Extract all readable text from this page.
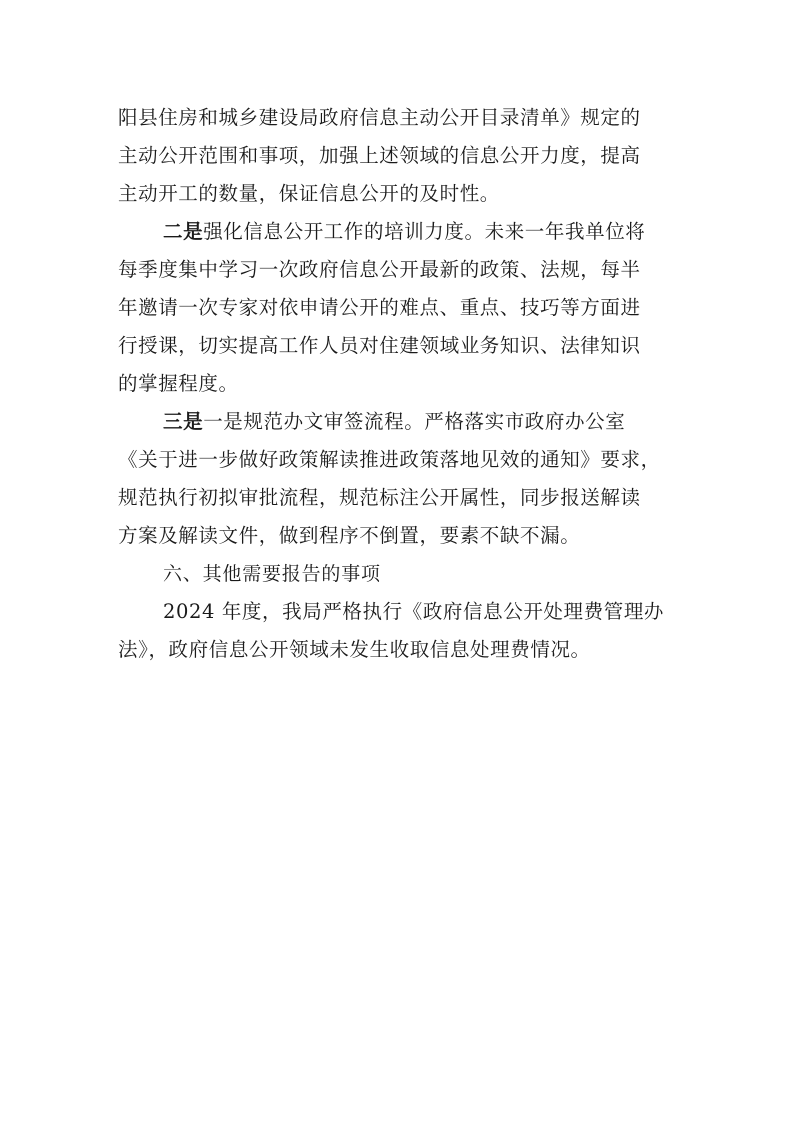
阳县住房和城乡建设局政府信息主动公开目录清单》规定的
主动公开范围和事项，加强上述领域的信息公开力度，提高
主动开工的数量，保证信息公开的及时性。
二是强化信息公开工作的培训力度。未来一年我单位将
每季度集中学习一次政府信息公开最新的政策、法规，每半
年邀请一次专家对依申请公开的难点、重点、技巧等方面进
行授课，切实提高工作人员对住建领域业务知识、法律知识
的掌握程度。
三是一是规范办文审签流程。严格落实市政府办公室
《关于进一步做好政策解读推进政策落地见效的通知》要求，
规范执行初拟审批流程，规范标注公开属性，同步报送解读
方案及解读文件，做到程序不倒置，要素不缺不漏。
六、其他需要报告的事项
2024 年度，我局严格执行《政府信息公开处理费管理办
法》，政府信息公开领域未发生收取信息处理费情况。
